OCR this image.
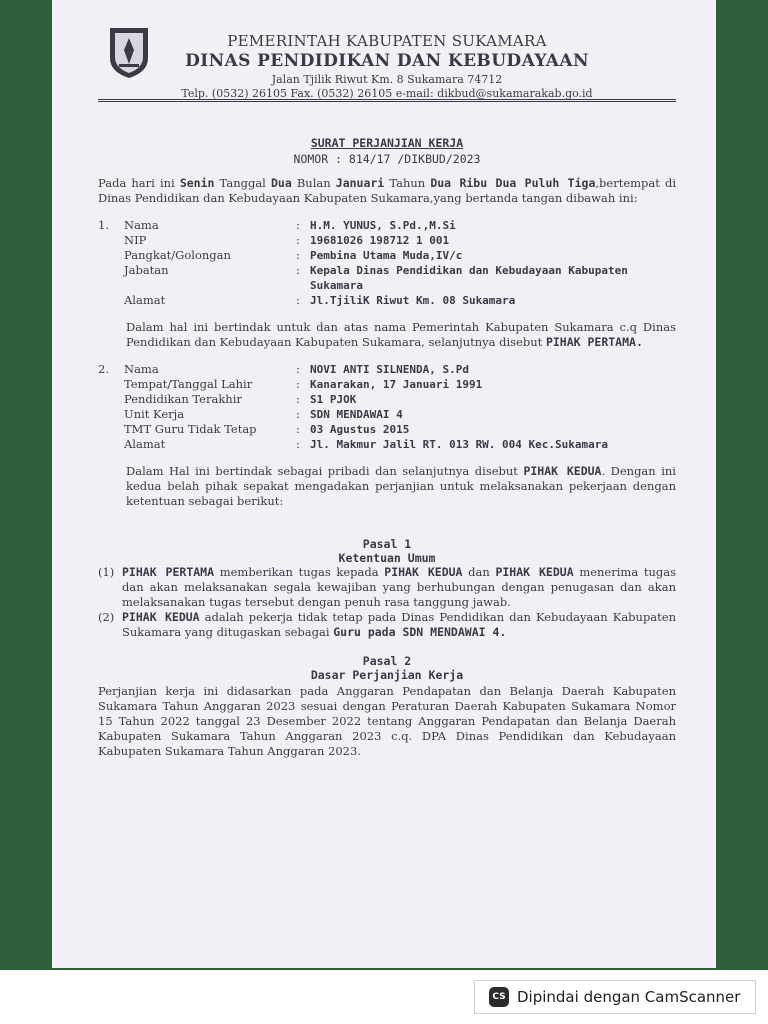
PEMERINTAH KABUPATEN SUKAMARA
DINAS PENDIDIKAN DAN KEBUDAYAAN
Jalan Tjilik Riwut Km. 8 Sukamara 74712
Telp. (0532) 26105 Fax. (0532) 26105 e-mail: dikbud@sukamarakab.go.id
SURAT PERJANJIAN KERJA
NOMOR : 814/17 /DIKBUD/2023

Pada hari ini Senin Tanggal Dua Bulan Januari Tahun Dua Ribu Dua Puluh Tiga,bertempat di Dinas Pendidikan dan Kebudayaan Kabupaten Sukamara,yang bertanda tangan dibawah ini:

1.	Nama	: H.M. YUNUS, S.Pd.,M.Si
NIP	: 19681026 198712 1 001
Pangkat/Golongan	: Pembina Utama Muda,IV/c
Jabatan	: Kepala Dinas Pendidikan dan Kebudayaan Kabupaten Sukamara
Alamat	: Jl.TjiliK Riwut Km. 08 Sukamara

Dalam hal ini bertindak untuk dan atas nama Pemerintah Kabupaten Sukamara c.q Dinas Pendidikan dan Kebudayaan Kabupaten Sukamara, selanjutnya disebut PIHAK PERTAMA.

2.	Nama	: NOVI ANTI SILNENDA, S.Pd
Tempat/Tanggal Lahir	: Kanarakan, 17 Januari 1991
Pendidikan Terakhir	: S1 PJOK
Unit Kerja	: SDN MENDAWAI 4
TMT Guru Tidak Tetap	: 03 Agustus 2015
Alamat	: Jl. Makmur Jalil RT. 013 RW. 004 Kec.Sukamara

Dalam Hal ini bertindak sebagai pribadi dan selanjutnya disebut PIHAK KEDUA. Dengan ini kedua belah pihak sepakat mengadakan perjanjian untuk melaksanakan pekerjaan dengan ketentuan sebagai berikut:

Pasal 1
Ketentuan Umum
(1) PIHAK PERTAMA memberikan tugas kepada PIHAK KEDUA dan PIHAK KEDUA menerima tugas dan akan melaksanakan segala kewajiban yang berhubungan dengan penugasan dan akan melaksanakan tugas tersebut dengan penuh rasa tanggung jawab.
(2) PIHAK KEDUA adalah pekerja tidak tetap pada Dinas Pendidikan dan Kebudayaan Kabupaten Sukamara yang ditugaskan sebagai Guru pada SDN MENDAWAI 4.
Pasal 2
Dasar Perjanjian Kerja

Perjanjian kerja ini didasarkan pada Anggaran Pendapatan dan Belanja Daerah Kabupaten Sukamara Tahun Anggaran 2023 sesuai dengan Peraturan Daerah Kabupaten Sukamara Nomor 15 Tahun 2022 tanggal 23 Desember 2022 tentang Anggaran Pendapatan dan Belanja Daerah Kabupaten Sukamara Tahun Anggaran 2023 c.q. DPA Dinas Pendidikan dan Kebudayaan Kabupaten Sukamara Tahun Anggaran 2023.

CS Dipindai dengan CamScanner
